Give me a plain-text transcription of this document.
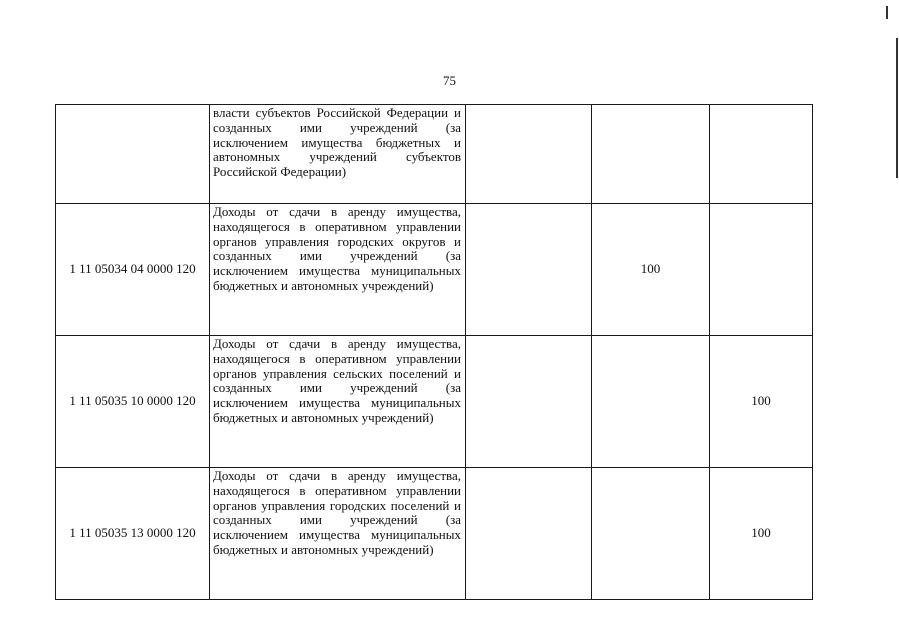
75

	власти субъектов Российской Федерации и созданных ими учреждений (за исключением имущества бюджетных и автономных учреждений субъектов Российской Федерации)			

1 11 05034 04 0000 120	Доходы от сдачи в аренду имущества, находящегося в оперативном управлении органов управления городских округов и созданных ими учреждений (за исключением имущества муниципальных бюджетных и автономных учреждений)		100	
1 11 05035 10 0000 120	Доходы от сдачи в аренду имущества, находящегося в оперативном управлении органов управления сельских поселений и созданных ими учреждений (за исключением имущества муниципальных бюджетных и автономных учреждений)			100
1 11 05035 13 0000 120	Доходы от сдачи в аренду имущества, находящегося в оперативном управлении органов управления городских поселений и созданных ими учреждений (за исключением имущества муниципальных бюджетных и автономных учреждений)			100
